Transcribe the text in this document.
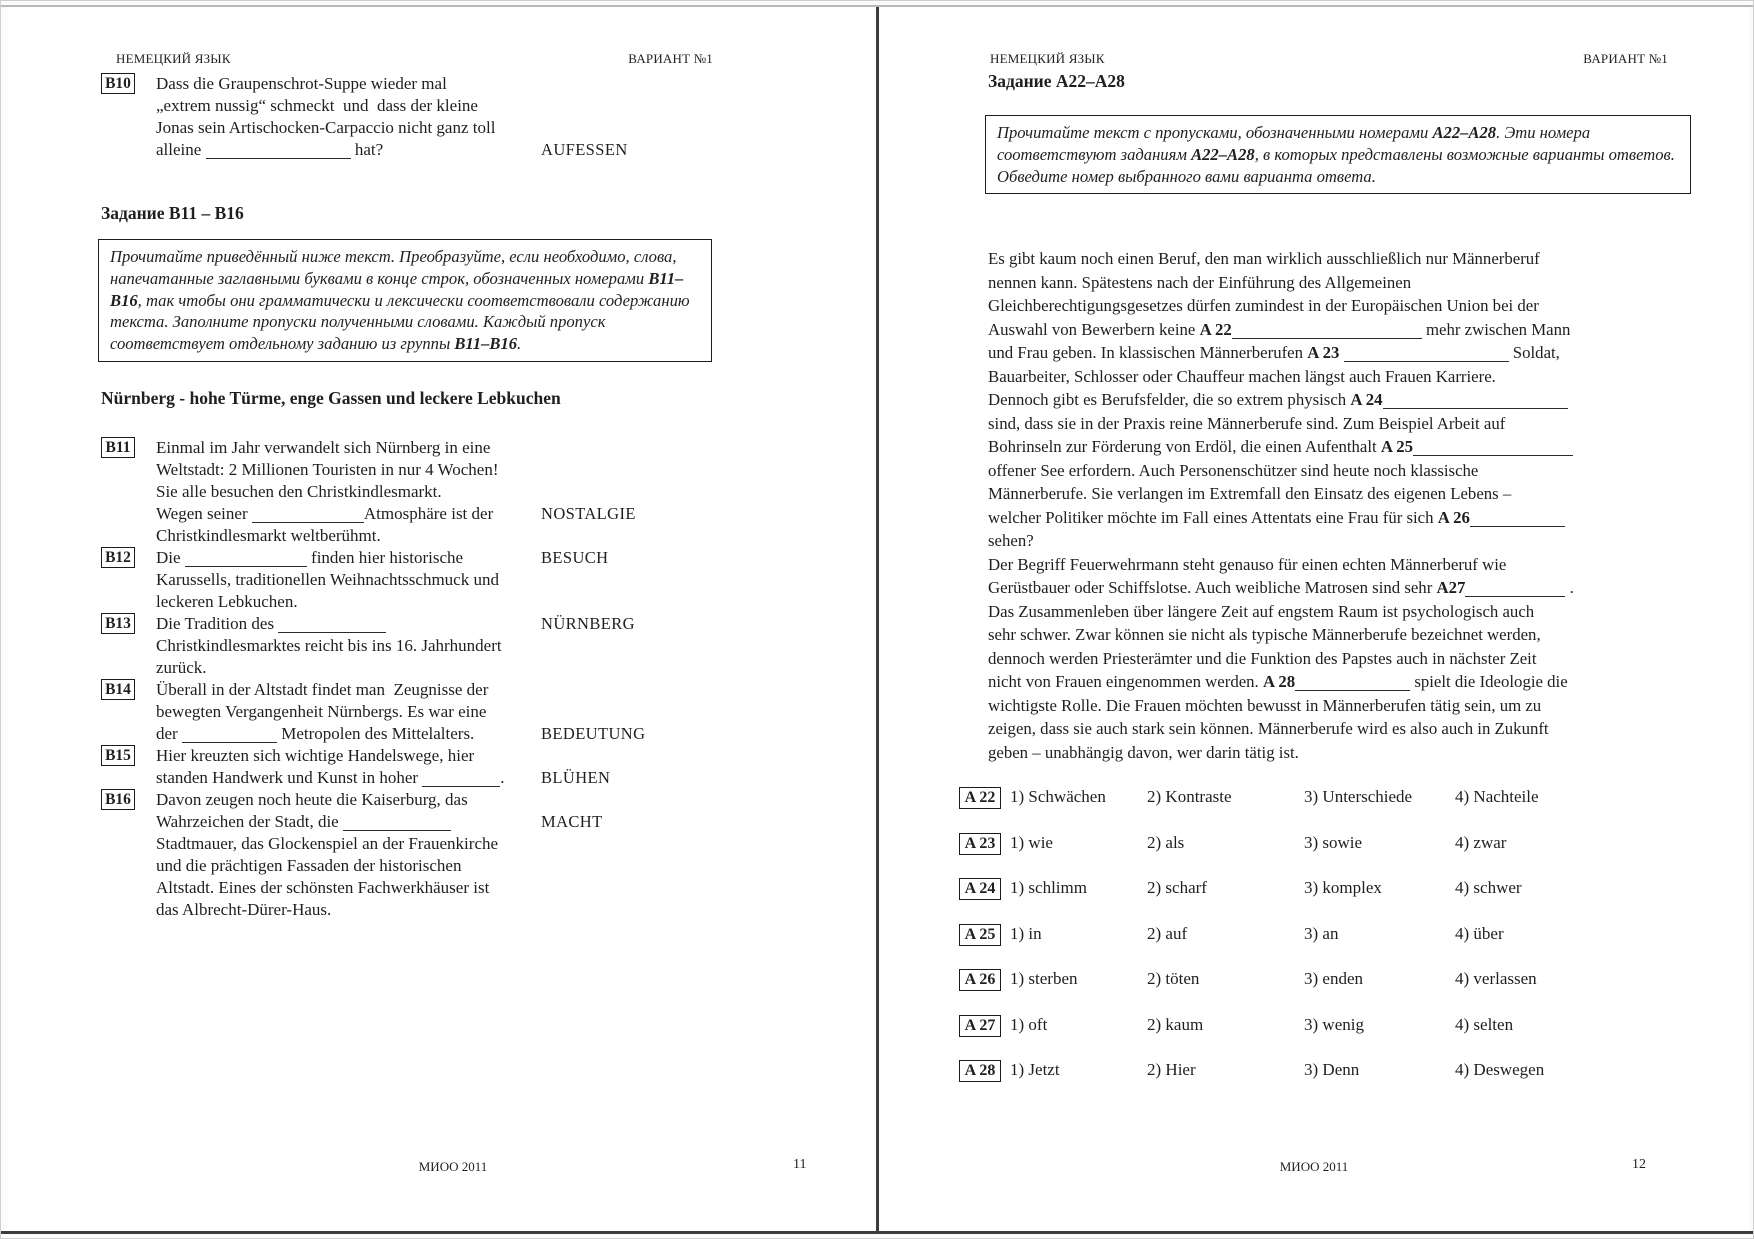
НЕМЕЦКИЙ ЯЗЫК	ВАРИАНТ №1
B10 Dass die Graupenschrot-Suppe wieder mal
„extrem nussig“ schmeckt  und  dass der kleine
Jonas sein Artischocken-Carpaccio nicht ganz toll
alleine	hat?	AUFESSEN
Задание B11 – B16
Прочитайте приведённый ниже текст. Преобразуйте, если необходимо, слова, напечатанные заглавными буквами в конце строк, обозначенных номерами B11–B16, так чтобы они грамматически и лексически соответствовали содержанию текста. Заполните пропуски полученными словами. Каждый пропуск соответствует отдельному заданию из группы B11–B16.
Nürnberg - hohe Türme, enge Gassen und leckere Lebkuchen
B11 Einmal im Jahr verwandelt sich Nürnberg in eine
Weltstadt: 2 Millionen Touristen in nur 4 Wochen!
Sie alle besuchen den Christkindlesmarkt.
Wegen seiner	Atmosphäre ist der	NOSTALGIE
Christkindlesmarkt weltberühmt.
B12 Die	finden hier historische	BESUCH
Karussells, traditionellen Weihnachtsschmuck und
leckeren Lebkuchen.
B13 Die Tradition des	NÜRNBERG
Christkindlesmarktes reicht bis ins 16. Jahrhundert
zurück.
B14 Überall in der Altstadt findet man  Zeugnisse der
bewegten Vergangenheit Nürnbergs. Es war eine
der	Metropolen des Mittelalters.	BEDEUTUNG
B15 Hier kreuzten sich wichtige Handelswege, hier
standen Handwerk und Kunst in hoher	. BLÜHEN
B16 Davon zeugen noch heute die Kaiserburg, das
Wahrzeichen der Stadt, die	MACHT
Stadtmauer, das Glockenspiel an der Frauenkirche
und die prächtigen Fassaden der historischen
Altstadt. Eines der schönsten Fachwerkhäuser ist
das Albrecht-Dürer-Haus.
МИОО 2011	11
НЕМЕЦКИЙ ЯЗЫК	ВАРИАНТ №1
Задание А22–А28
Прочитайте текст с пропусками, обозначенными номерами А22–А28. Эти номера соответствуют заданиям А22–А28, в которых представлены возможные варианты ответов. Обведите номер выбранного вами варианта ответа.
Es gibt kaum noch einen Beruf, den man wirklich ausschließlich nur Männerberuf
nennen kann. Spätestens nach der Einführung des Allgemeinen
Gleichberechtigungsgesetzes dürfen zumindest in der Europäischen Union bei der
Auswahl von Bewerbern keine A 22	mehr zwischen Mann
und Frau geben. In klassischen Männerberufen A 23	Soldat,
Bauarbeiter, Schlosser oder Chauffeur machen längst auch Frauen Karriere.
Dennoch gibt es Berufsfelder, die so extrem physisch A 24
sind, dass sie in der Praxis reine Männerberufe sind. Zum Beispiel Arbeit auf
Bohrinseln zur Förderung von Erdöl, die einen Aufenthalt A 25
offener See erfordern. Auch Personenschützer sind heute noch klassische
Männerberufe. Sie verlangen im Extremfall den Einsatz des eigenen Lebens –
welcher Politiker möchte im Fall eines Attentats eine Frau für sich A 26
sehen?
Der Begriff Feuerwehrmann steht genauso für einen echten Männerberuf wie
Gerüstbauer oder Schiffslotse. Auch weibliche Matrosen sind sehr A27	.
Das Zusammenleben über längere Zeit auf engstem Raum ist psychologisch auch
sehr schwer. Zwar können sie nicht als typische Männerberufe bezeichnet werden,
dennoch werden Priesterämter und die Funktion des Papstes auch in nächster Zeit
nicht von Frauen eingenommen werden. A 28	spielt die Ideologie die
wichtigste Rolle. Die Frauen möchten bewusst in Männerberufen tätig sein, um zu
zeigen, dass sie auch stark sein können. Männerberufe wird es also auch in Zukunft
geben – unabhängig davon, wer darin tätig ist.
A 22 1) Schwächen	2) Kontraste	3) Unterschiede	4) Nachteile
A 23 1) wie	2) als	3) sowie	4) zwar
A 24 1) schlimm	2) scharf	3) komplex	4) schwer
A 25 1) in	2) auf	3) an	4) über
A 26 1) sterben	2) töten	3) enden	4) verlassen
A 27 1) oft	2) kaum	3) wenig	4) selten
A 28 1) Jetzt	2) Hier	3) Denn	4) Deswegen
МИОО 2011	12
